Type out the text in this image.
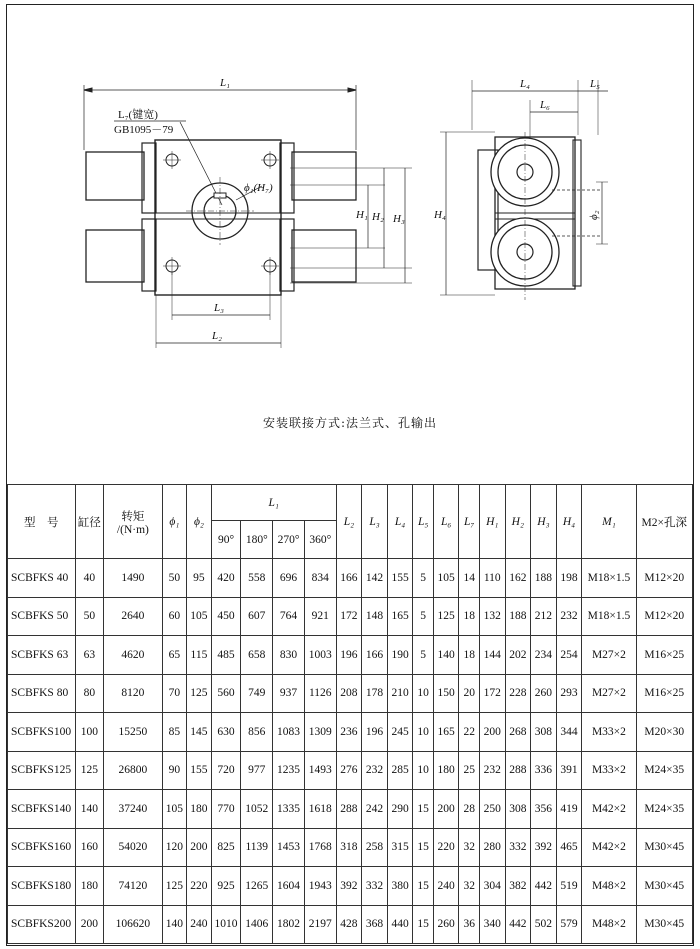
L₁
L₇(键宽)
GB1095－79
ϕ₁(H₇)
H₁ H₂ H₃
L₃
L₂
L₄	L₅
L₆
H₄	ϕ₂
安装联接方式:法兰式、孔输出
型　号	缸径	转矩
/(N·m)	ϕ₁	ϕ₂	L₁				L₂	L₃	L₄	L₅	L₆	L₇	H₁	H₂	H₃	H₄	M₁	M2×孔深
					90°	180°	270°	360°												
SCBFKS 40	40	1490	50	95	420	558	696	834	166	142	155	5	105	14	110	162	188	198	M18×1.5	M12×20
SCBFKS 50	50	2640	60	105	450	607	764	921	172	148	165	5	125	18	132	188	212	232	M18×1.5	M12×20
SCBFKS 63	63	4620	65	115	485	658	830	1003	196	166	190	5	140	18	144	202	234	254	M27×2	M16×25
SCBFKS 80	80	8120	70	125	560	749	937	1126	208	178	210	10	150	20	172	228	260	293	M27×2	M16×25
SCBFKS100	100	15250	85	145	630	856	1083	1309	236	196	245	10	165	22	200	268	308	344	M33×2	M20×30
SCBFKS125	125	26800	90	155	720	977	1235	1493	276	232	285	10	180	25	232	288	336	391	M33×2	M24×35
SCBFKS140	140	37240	105	180	770	1052	1335	1618	288	242	290	15	200	28	250	308	356	419	M42×2	M24×35
SCBFKS160	160	54020	120	200	825	1139	1453	1768	318	258	315	15	220	32	280	332	392	465	M42×2	M30×45
SCBFKS180	180	74120	125	220	925	1265	1604	1943	392	332	380	15	240	32	304	382	442	519	M48×2	M30×45
SCBFKS200	200	106620	140	240	1010	1406	1802	2197	428	368	440	15	260	36	340	442	502	579	M48×2	M30×45
